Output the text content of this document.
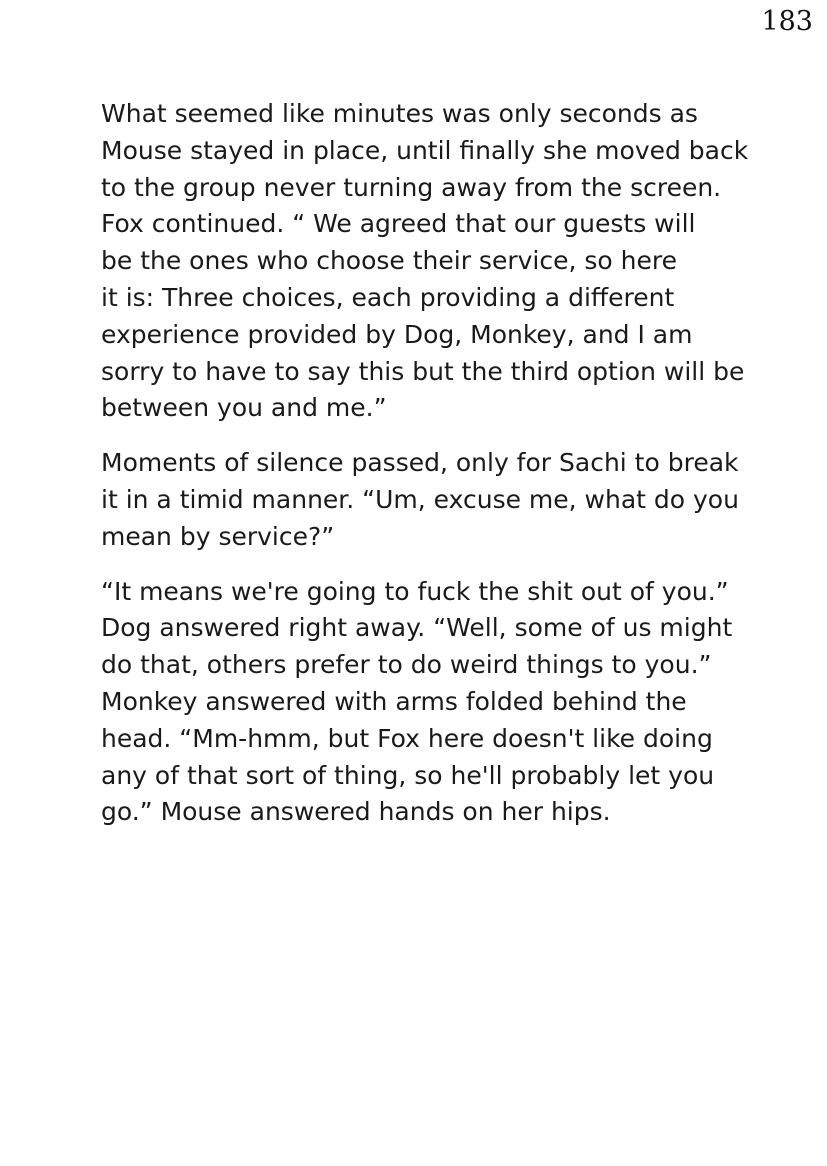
183

What seemed like minutes was only seconds as
Mouse stayed in place, until finally she moved back
to the group never turning away from the screen.
Fox continued. “ We agreed that our guests will
be the ones who choose their service, so here
it is: Three choices, each providing a different
experience provided by Dog, Monkey, and I am
sorry to have to say this but the third option will be
between you and me.”

Moments of silence passed, only for Sachi to break
it in a timid manner. “Um, excuse me, what do you
mean by service?”

“It means we're going to fuck the shit out of you.”
Dog answered right away. “Well, some of us might
do that, others prefer to do weird things to you.”
Monkey answered with arms folded behind the
head. “Mm-hmm, but Fox here doesn't like doing
any of that sort of thing, so he'll probably let you
go.” Mouse answered hands on her hips.
